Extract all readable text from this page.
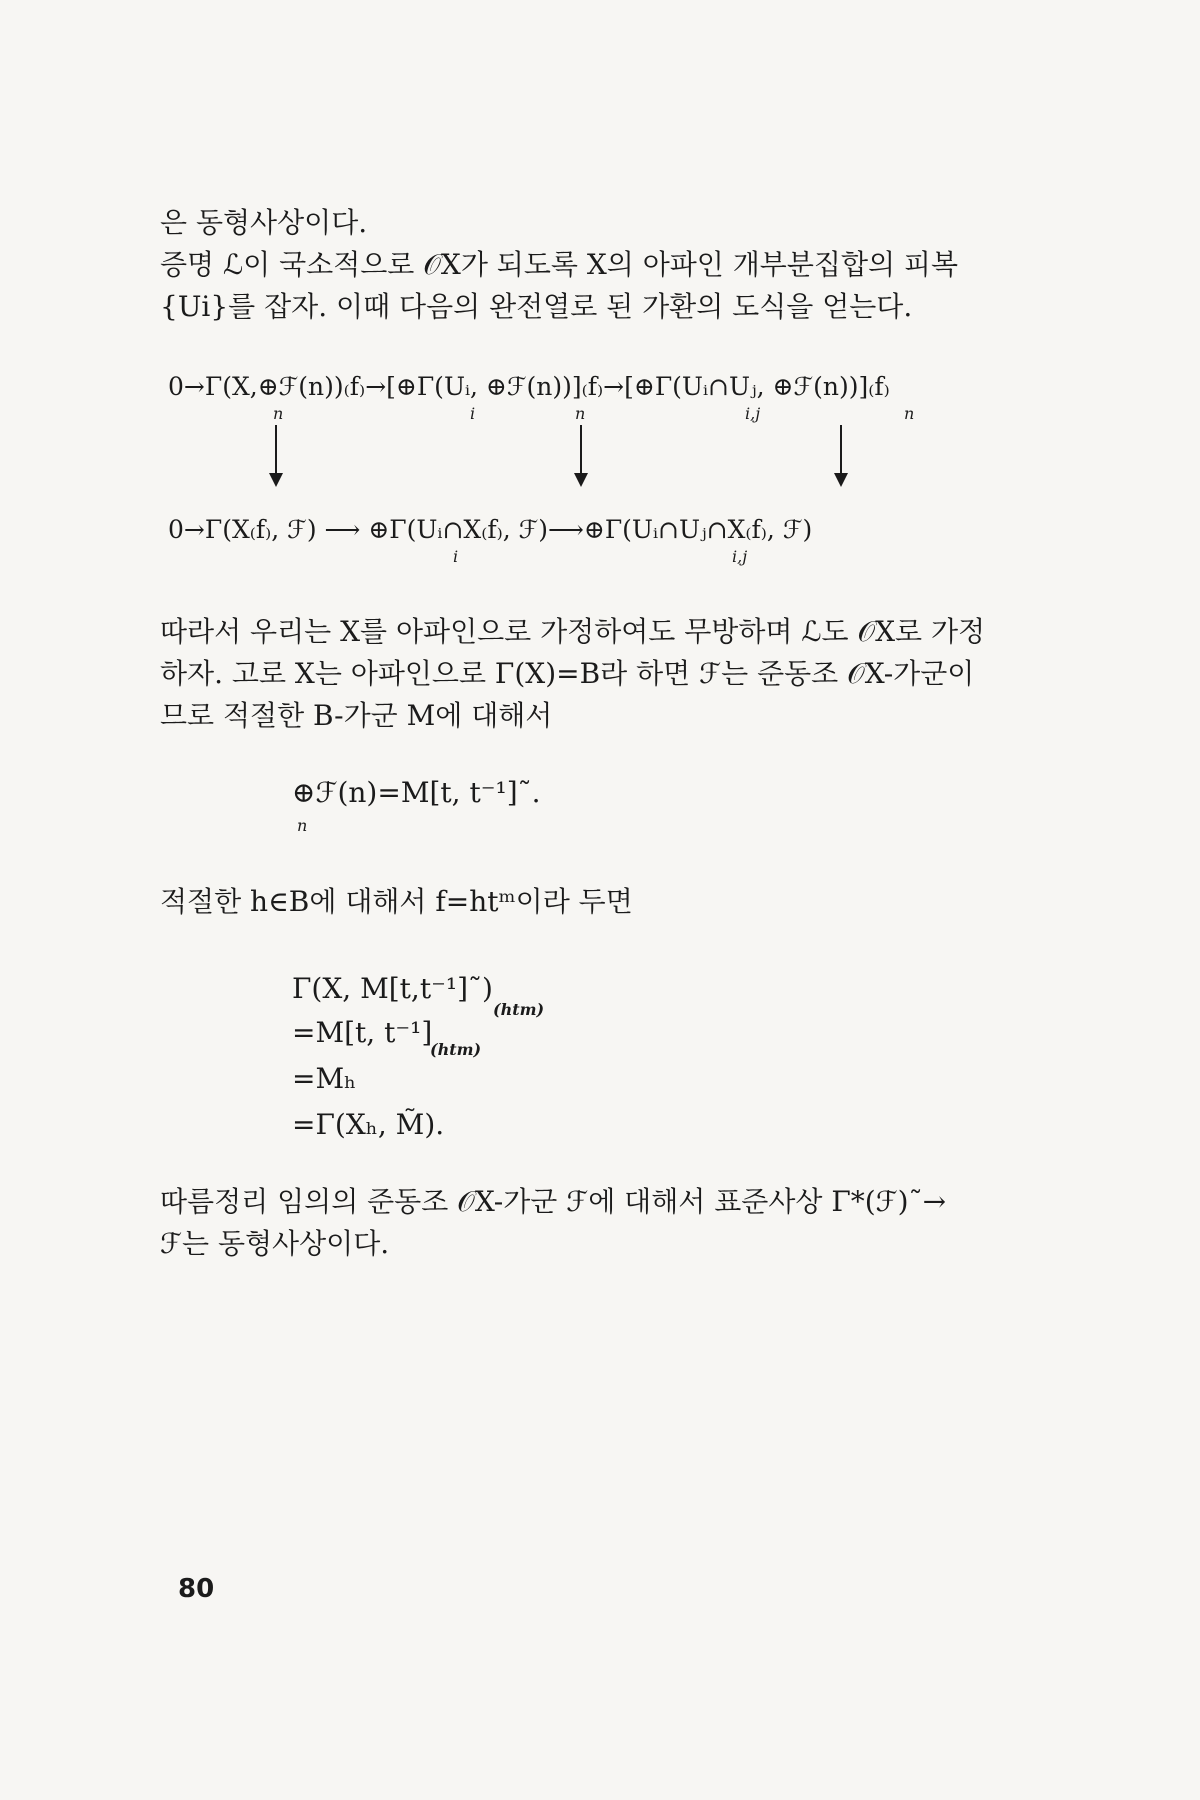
은 동형사상이다.
증명 ℒ이 국소적으로 𝒪X가 되도록 X의 아파인 개부분집합의 피복
{Ui}를 잡자. 이때 다음의 완전열로 된 가환의 도식을 얻는다.
0→Γ(X,⊕ℱ(n))₍f₎→[⊕Γ(Uᵢ, ⊕ℱ(n))]₍f₎→[⊕Γ(Uᵢ∩Uⱼ, ⊕ℱ(n))]₍f₎
n	i	n	i,j	n
0→Γ(X₍f₎, ℱ) ⟶ ⊕Γ(Uᵢ∩X₍f₎, ℱ)⟶⊕Γ(Uᵢ∩Uⱼ∩X₍f₎, ℱ)
i	i,j
따라서 우리는 X를 아파인으로 가정하여도 무방하며 ℒ도 𝒪X로 가정
하자. 고로 X는 아파인으로 Γ(X)=B라 하면 ℱ는 준동조 𝒪X-가군이
므로 적절한 B-가군 M에 대해서
⊕ℱ(n)=M[t, t⁻¹]˜.
n
적절한 h∈B에 대해서 f=htᵐ이라 두면
Γ(X, M[t,t⁻¹]˜)
(htm)
=M[t, t⁻¹]
(htm)
=Mₕ
=Γ(Xₕ, M̃).
따름정리 임의의 준동조 𝒪X-가군 ℱ에 대해서 표준사상 Γ*(ℱ)˜→
ℱ는 동형사상이다.
80
